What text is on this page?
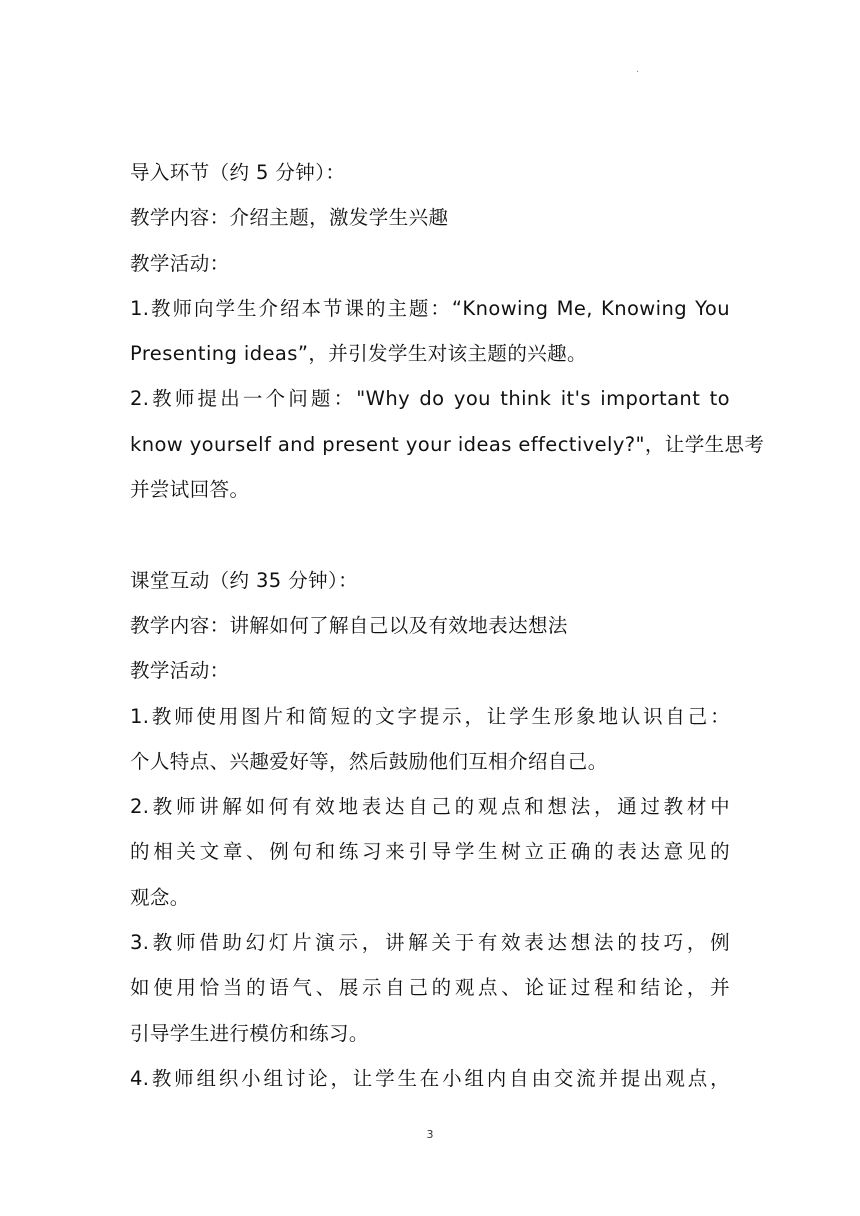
.
导入环节（约 5 分钟）：
教学内容：介绍主题，激发学生兴趣
教学活动：
1.教师向学生介绍本节课的主题：“Knowing Me, Knowing You
Presenting ideas”，并引发学生对该主题的兴趣。
2.教师提出一个问题："Why do you think it's important to
know yourself and present your ideas effectively?"，让学生思考
并尝试回答。
课堂互动（约 35 分钟）：
教学内容：讲解如何了解自己以及有效地表达想法
教学活动：
1.教师使用图片和简短的文字提示，让学生形象地认识自己：
个人特点、兴趣爱好等，然后鼓励他们互相介绍自己。
2.教师讲解如何有效地表达自己的观点和想法，通过教材中
的相关文章、例句和练习来引导学生树立正确的表达意见的
观念。
3.教师借助幻灯片演示，讲解关于有效表达想法的技巧，例
如使用恰当的语气、展示自己的观点、论证过程和结论，并
引导学生进行模仿和练习。
4.教师组织小组讨论，让学生在小组内自由交流并提出观点，
3
